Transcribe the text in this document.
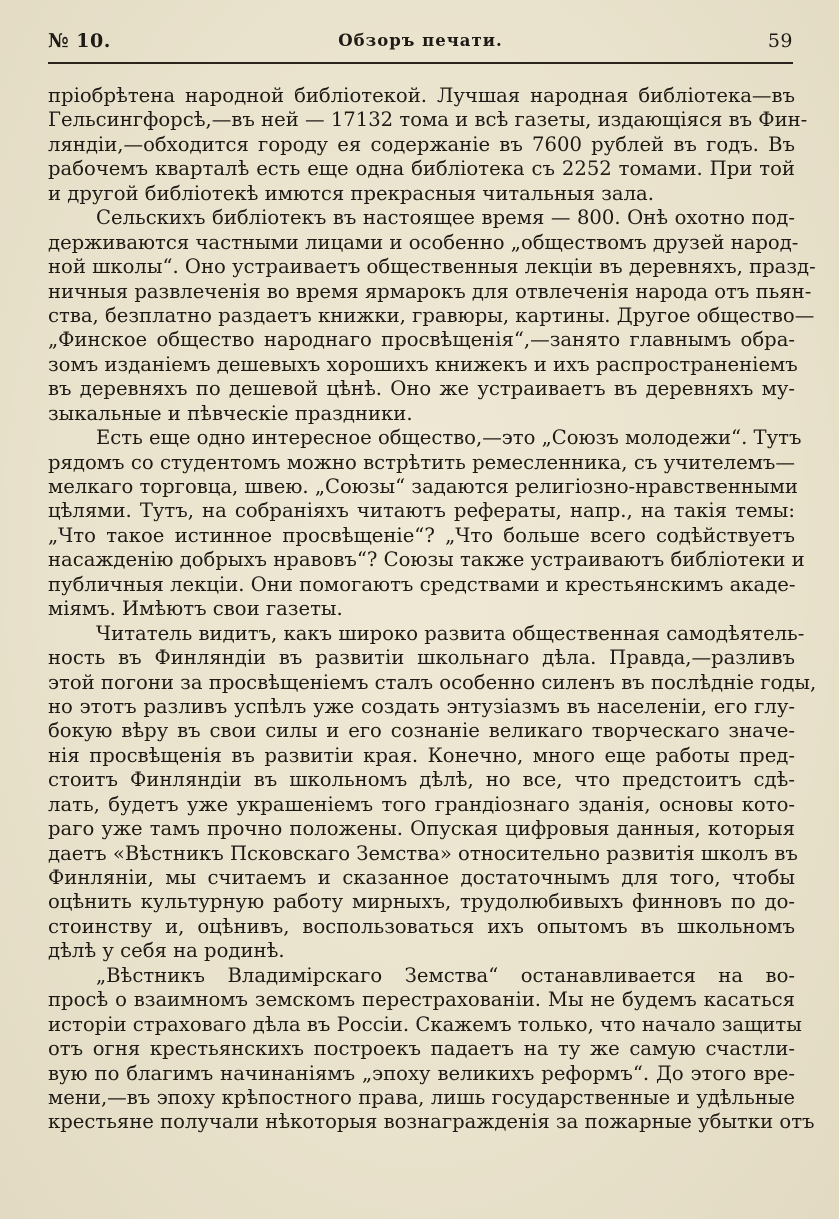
№ 10.	Обзоръ печати.	59
пріобрѣтена народной библіотекой. Лучшая народная библіотека—въ
Гельсингфорсѣ,—въ ней — 17132 тома и всѣ газеты, издающіяся въ Фин-
ляндіи,—обходится городу ея содержаніе въ 7600 рублей въ годъ. Въ
рабочемъ кварталѣ есть еще одна библіотека съ 2252 томами. При той
и другой библіотекѣ имются прекрасныя читальныя зала.
Сельскихъ библіотекъ въ настоящее время — 800. Онѣ охотно под-
держиваются частными лицами и особенно „обществомъ друзей народ-
ной школы“. Оно устраиваетъ общественныя лекціи въ деревняхъ, празд-
ничныя развлеченія во время ярмарокъ для отвлеченія народа отъ пьян-
ства, безплатно раздаетъ книжки, гравюры, картины. Другое общество—
„Финское общество народнаго просвѣщенія“,—занято главнымъ обра-
зомъ изданіемъ дешевыхъ хорошихъ книжекъ и ихъ распространеніемъ
въ деревняхъ по дешевой цѣнѣ. Оно же устраиваетъ въ деревняхъ му-
зыкальные и пѣвческіе праздники.
Есть еще одно интересное общество,—это „Союзъ молодежи“. Тутъ
рядомъ со студентомъ можно встрѣтить ремесленника, съ учителемъ—
мелкаго торговца, швею. „Союзы“ задаются религіозно-нравственными
цѣлями. Тутъ, на собраніяхъ читаютъ рефераты, напр., на такія темы:
„Что такое истинное просвѣщеніе“? „Что больше всего содѣйствуетъ
насажденію добрыхъ нравовъ“? Союзы также устраиваютъ библіотеки и
публичныя лекціи. Они помогаютъ средствами и крестьянскимъ акаде-
міямъ. Имѣютъ свои газеты.
Читатель видитъ, какъ широко развита общественная самодѣятель-
ность въ Финляндіи въ развитіи школьнаго дѣла. Правда,—разливъ
этой погони за просвѣщеніемъ сталъ особенно силенъ въ послѣдніе годы,
но этотъ разливъ успѣлъ уже создать энтузіазмъ въ населеніи, его глу-
бокую вѣру въ свои силы и его сознаніе великаго творческаго значе-
нія просвѣщенія въ развитіи края. Конечно, много еще работы пред-
стоитъ Финляндіи въ школьномъ дѣлѣ, но все, что предстоитъ сдѣ-
лать, будетъ уже украшеніемъ того грандіознаго зданія, основы кото-
раго уже тамъ прочно положены. Опуская цифровыя данныя, которыя
даетъ «Вѣстникъ Псковскаго Земства» относительно развитія школъ въ
Финляніи, мы считаемъ и сказанное достаточнымъ для того, чтобы
оцѣнить культурную работу мирныхъ, трудолюбивыхъ финновъ по до-
стоинству и, оцѣнивъ, воспользоваться ихъ опытомъ въ школьномъ
дѣлѣ у себя на родинѣ.
„Вѣстникъ Владимірскаго Земства“ останавливается на во-
просѣ о взаимномъ земскомъ перестрахованіи. Мы не будемъ касаться
исторіи страховаго дѣла въ Россіи. Скажемъ только, что начало защиты
отъ огня крестьянскихъ построекъ падаетъ на ту же самую счастли-
вую по благимъ начинаніямъ „эпоху великихъ реформъ“. До этого вре-
мени,—въ эпоху крѣпостного права, лишь государственные и удѣльные
крестьяне получали нѣкоторыя вознагражденія за пожарные убытки отъ
